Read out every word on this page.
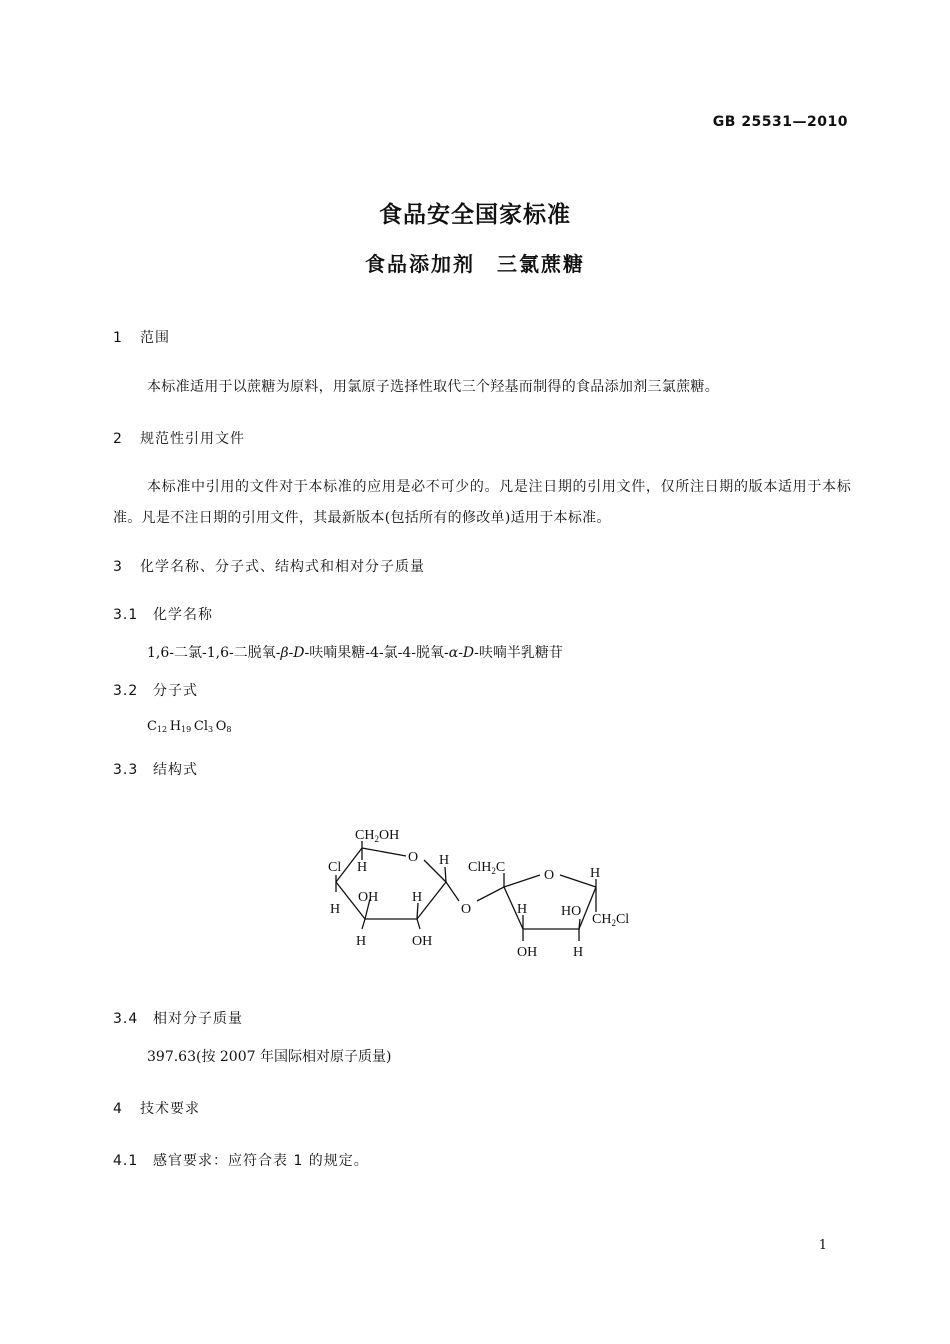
GB 25531—2010
食品安全国家标准
食品添加剂　三氯蔗糖
1 范围
本标准适用于以蔗糖为原料，用氯原子选择性取代三个羟基而制得的食品添加剂三氯蔗糖。
2 规范性引用文件
本标准中引用的文件对于本标准的应用是必不可少的。凡是注日期的引用文件，仅所注日期的版本适用于本标准。凡是不注日期的引用文件，其最新版本(包括所有的修改单)适用于本标准。
3 化学名称、分子式、结构式和相对分子质量
3.1 化学名称
1,6-二氯-1,6-二脱氧-β-D-呋喃果糖-4-氯-4-脱氧-α-D-呋喃半乳糖苷
3.2 分子式
$C_{12}$  $H_{19}$  $Cl_3$  $O_8$
3.3 结构式
$CH_2OH$
O
Cl H	H
OH H
H
H	OH
O
ClH$_2$C
O	H
H HO
$CH_2Cl$
OH	H
3.4 相对分子质量
397.63(按 2007 年国际相对原子质量)
4 技术要求
4.1 感官要求：应符合表 1 的规定。
1
